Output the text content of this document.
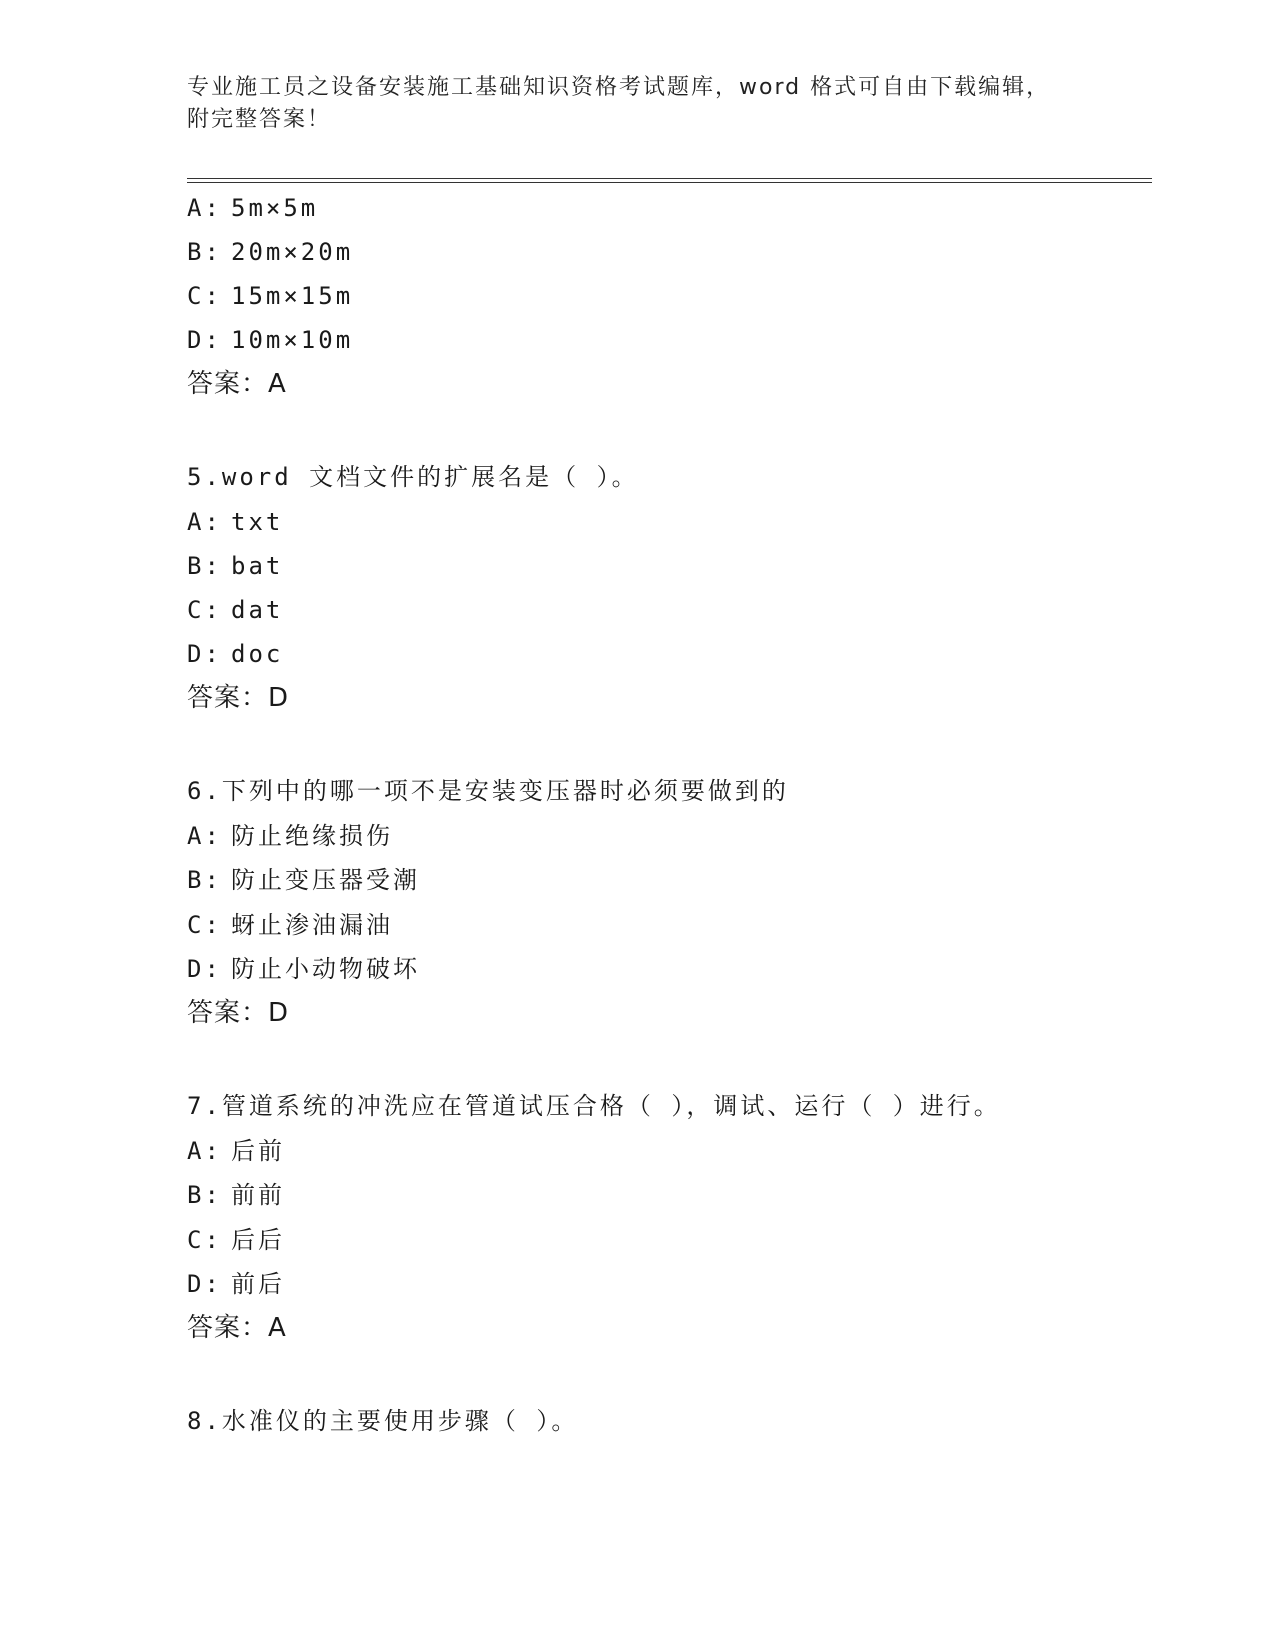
专业施工员之设备安装施工基础知识资格考试题库，word 格式可自由下载编辑，
附完整答案！
A: 5m×5m
B: 20m×20m
C: 15m×15m
D: 10m×10m
答案：A
5.word 文档文件的扩展名是（ ）。
A: txt
B: bat
C: dat
D: doc
答案：D
6.下列中的哪一项不是安装变压器时必须要做到的
A: 防止绝缘损伤
B: 防止变压器受潮
C: 蚜止渗油漏油
D: 防止小动物破坏
答案：D
7.管道系统的冲洗应在管道试压合格（ ），调试、运行（ ）进行。
A: 后前
B: 前前
C: 后后
D: 前后
答案：A
8.水准仪的主要使用步骤（ ）。
